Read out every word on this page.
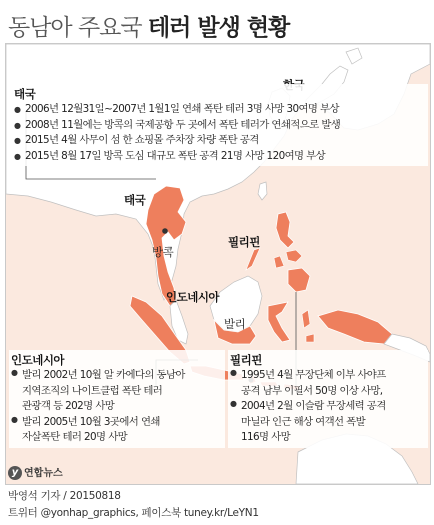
동남아 주요국 테러 발생 현황
태국
방콕
필리핀
인도네시아
발리
태국
● 2006년 12월31일~2007년 1월1일 연쇄 폭탄 테러 3명 사망 30여명 부상
● 2008년 11월에는 방콕의 국제공항 두 곳에서 폭탄 테러가 연쇄적으로 발생
● 2015년 4월 사무이 섬 한 쇼핑몰 주차장 차량 폭탄 공격
● 2015년 8월 17일 방콕 도심 대규모 폭탄 공격 21명 사망 120여명 부상
인도네시아
● 발리 2002년 10월 알 카에다의 동남아
지역조직의 나이트클럽 폭탄 테러
관광객 등 202명 사망
● 발리 2005년 10월 3곳에서 연쇄
자살폭탄 테러 20명 사망
필리핀
● 1995년 4월 무장단체 이부 사야프
공격 남부 이필서 50명 이상 사망,
● 2004년 2월 이슬람 무장세력 공격
마닐라 인근 해상 여객선 폭발
116명 사망
y 연합뉴스
박영석 기자 / 20150818
트위터 @yonhap_graphics, 페이스북 tuney.kr/LeYN1
